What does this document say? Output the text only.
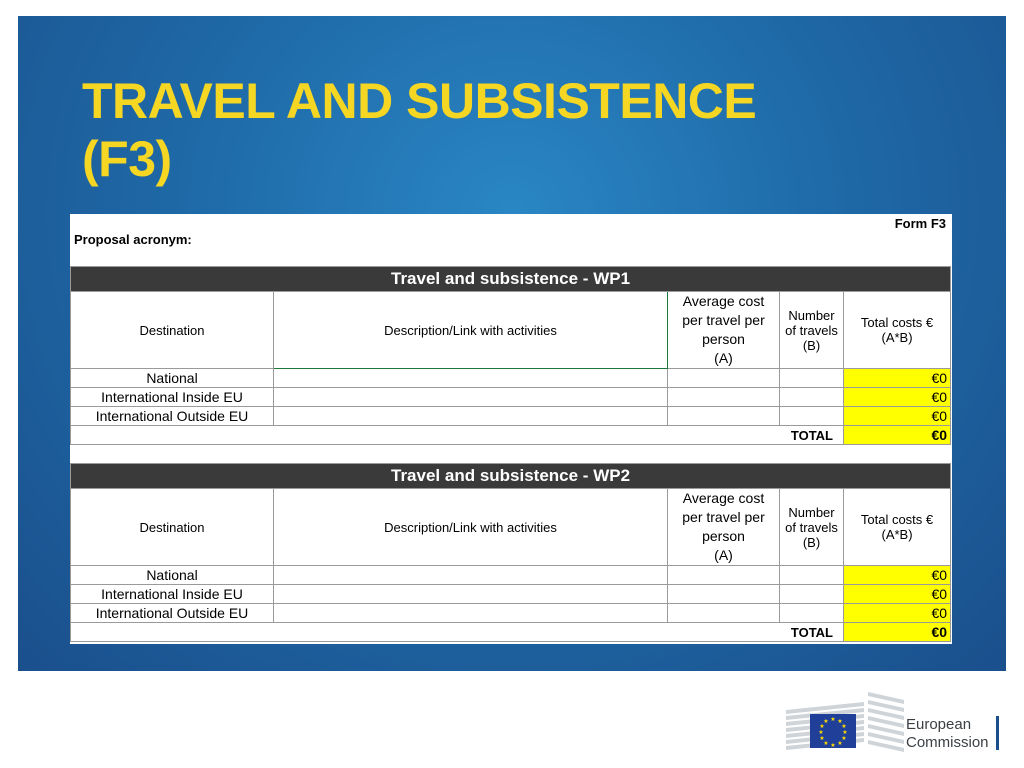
TRAVEL AND SUBSISTENCE
(F3)
Form F3
Proposal acronym:
Travel and subsistence - WP1				
Destination	Description/Link with activities	Average cost
per travel per
person
(A)	Number
of travels
(B)	Total costs €
(A*B)
National				€0
International Inside EU				€0
International Outside EU				€0
TOTAL				€0
Travel and subsistence - WP2				
Destination	Description/Link with activities	Average cost
per travel per
person
(A)	Number
of travels
(B)	Total costs €
(A*B)
National				€0
International Inside EU				€0
International Outside EU				€0
TOTAL				€0
★ ★
★
★
★
★
★
★
★
★
★
★	European
Commission
